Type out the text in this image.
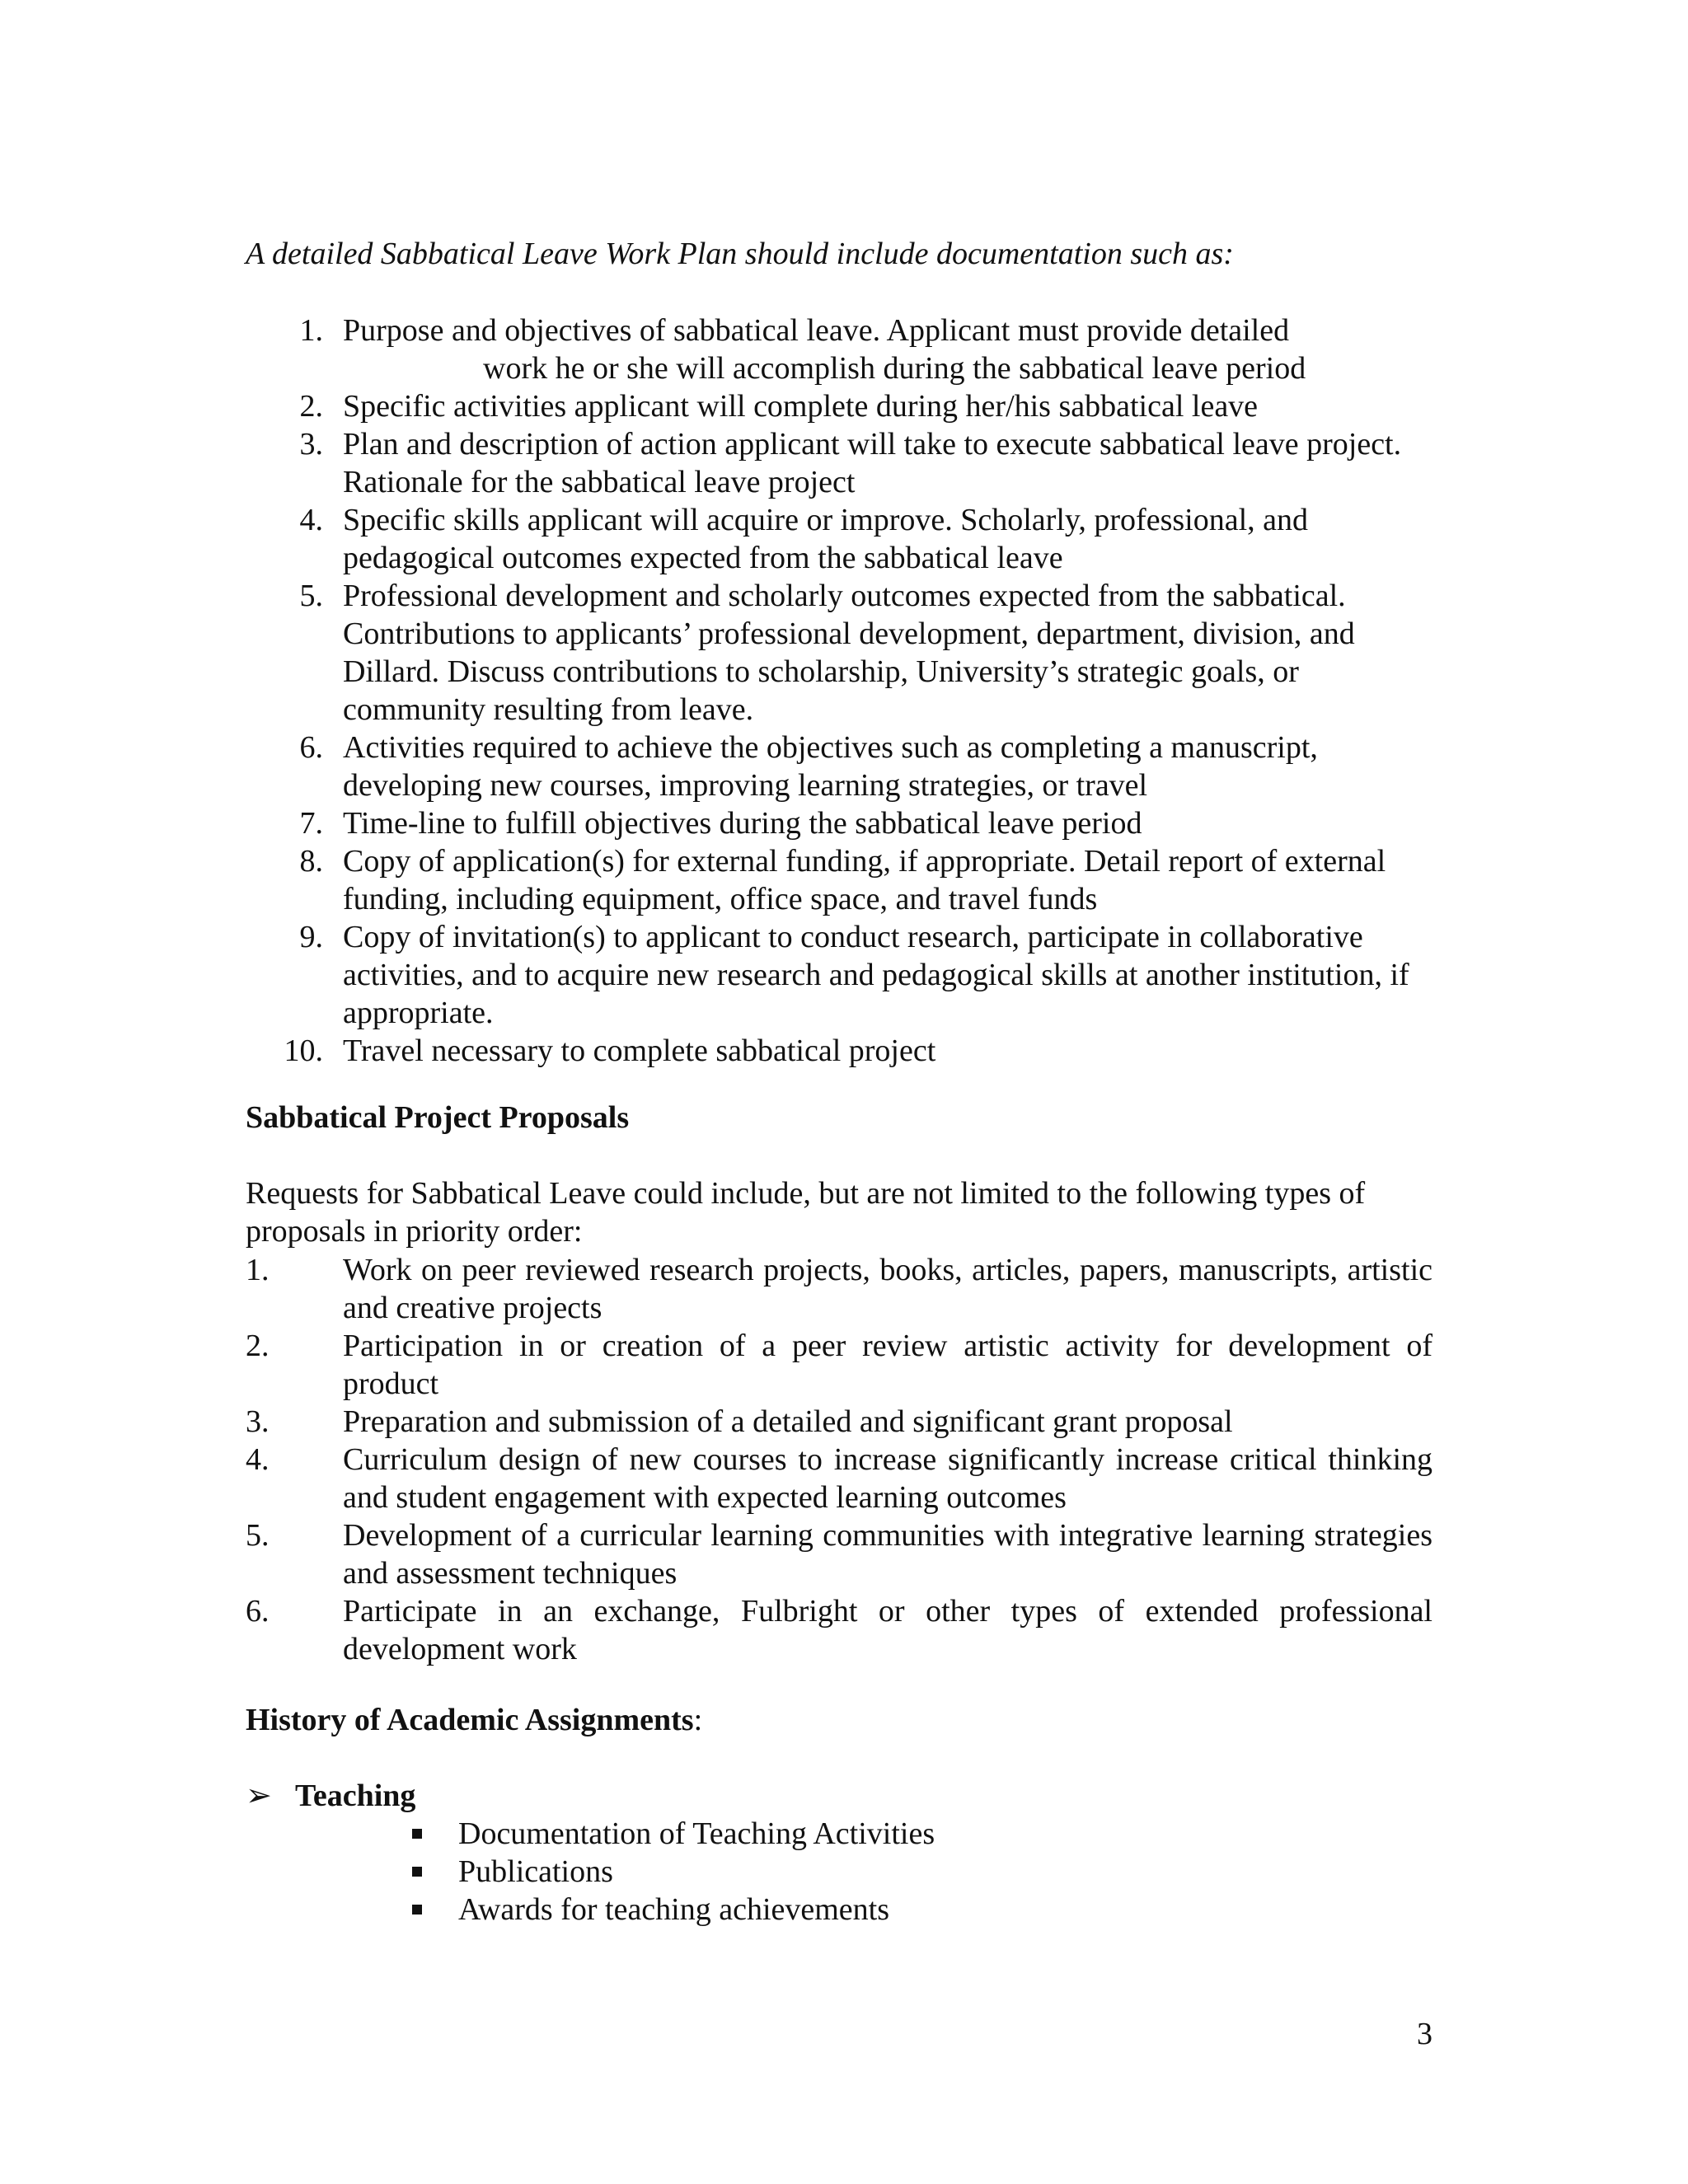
A detailed Sabbatical Leave Work Plan should include documentation such as:
1. Purpose and objectives of sabbatical leave. Applicant must provide detailed
work he or she will accomplish during the sabbatical leave period
2. Specific activities applicant will complete during her/his sabbatical leave
3. Plan and description of action applicant will take to execute sabbatical leave project. Rationale for the sabbatical leave project
4. Specific skills applicant will acquire or improve. Scholarly, professional, and pedagogical outcomes expected from the sabbatical leave
5. Professional development and scholarly outcomes expected from the sabbatical. Contributions to applicants’ professional development, department, division, and Dillard. Discuss contributions to scholarship, University’s strategic goals, or community resulting from leave.
6. Activities required to achieve the objectives such as completing a manuscript, developing new courses, improving learning strategies, or travel
7. Time-line to fulfill objectives during the sabbatical leave period
8. Copy of application(s) for external funding, if appropriate. Detail report of external funding, including equipment, office space, and travel funds
9. Copy of invitation(s) to applicant to conduct research, participate in collaborative activities, and to acquire new research and pedagogical skills at another institution, if appropriate.
10. Travel necessary to complete sabbatical project
Sabbatical Project Proposals
Requests for Sabbatical Leave could include, but are not limited to the following types of proposals in priority order:
1.	Work on peer reviewed research projects, books, articles, papers, manuscripts, artistic and creative projects
2.	Participation in or creation of a peer review artistic activity for development of product
3.	Preparation and submission of a detailed and significant grant proposal
4.	Curriculum design of new courses to increase significantly increase critical thinking and student engagement with expected learning outcomes
5.	Development of a curricular learning communities with integrative learning strategies and assessment techniques
6.	Participate in an exchange, Fulbright or other types of extended professional development work
History of Academic Assignments:
➢ Teaching
Documentation of Teaching Activities
Publications
Awards for teaching achievements
3
